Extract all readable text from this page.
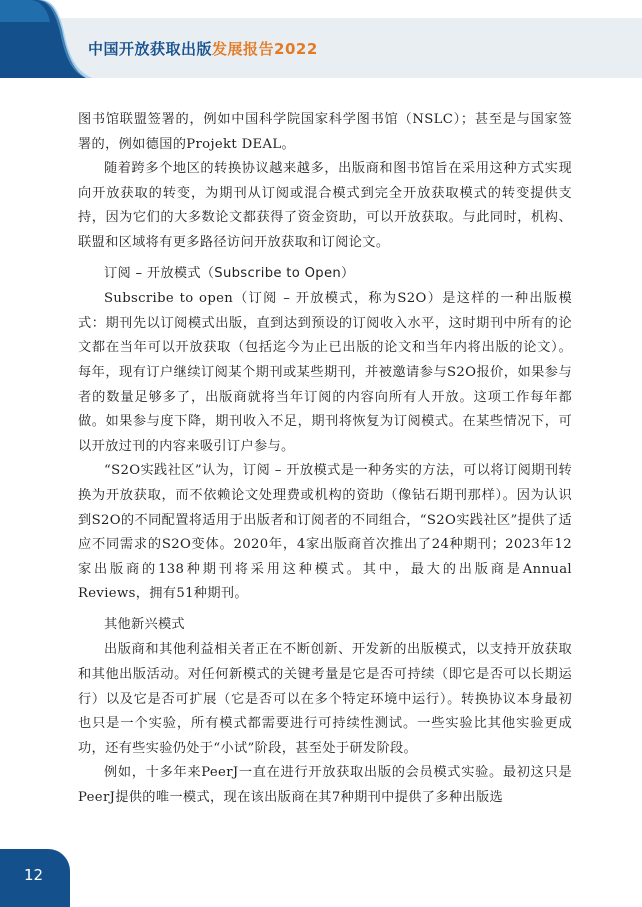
中国开放获取出版发展报告2022

图书馆联盟签署的，例如中国科学院国家科学图书馆（NSLC）；甚至是与国家签署的，例如德国的Projekt DEAL。

随着跨多个地区的转换协议越来越多，出版商和图书馆旨在采用这种方式实现向开放获取的转变，为期刊从订阅或混合模式到完全开放获取模式的转变提供支持，因为它们的大多数论文都获得了资金资助，可以开放获取。与此同时，机构、联盟和区域将有更多路径访问开放获取和订阅论文。

订阅 – 开放模式（Subscribe to Open）

Subscribe to open（订阅 – 开放模式，称为S2O）是这样的一种出版模式：期刊先以订阅模式出版，直到达到预设的订阅收入水平，这时期刊中所有的论文都在当年可以开放获取（包括迄今为止已出版的论文和当年内将出版的论文）。每年，现有订户继续订阅某个期刊或某些期刊，并被邀请参与S2O报价，如果参与者的数量足够多了，出版商就将当年订阅的内容向所有人开放。这项工作每年都做。如果参与度下降，期刊收入不足，期刊将恢复为订阅模式。在某些情况下，可以开放过刊的内容来吸引订户参与。

“S2O实践社区”认为，订阅 – 开放模式是一种务实的方法，可以将订阅期刊转换为开放获取，而不依赖论文处理费或机构的资助（像钻石期刊那样）。因为认识到S2O的不同配置将适用于出版者和订阅者的不同组合，“S2O实践社区”提供了适应不同需求的S2O变体。2020年，4家出版商首次推出了24种期刊；2023年12家出版商的138种期刊将采用这种模式。其中，最大的出版商是Annual Reviews，拥有51种期刊。

其他新兴模式

出版商和其他利益相关者正在不断创新、开发新的出版模式，以支持开放获取和其他出版活动。对任何新模式的关键考量是它是否可持续（即它是否可以长期运行）以及它是否可扩展（它是否可以在多个特定环境中运行）。转换协议本身最初也只是一个实验，所有模式都需要进行可持续性测试。一些实验比其他实验更成功，还有些实验仍处于“小试”阶段，甚至处于研发阶段。

例如，十多年来PeerJ一直在进行开放获取出版的会员模式实验。最初这只是PeerJ提供的唯一模式，现在该出版商在其7种期刊中提供了多种出版选

12
